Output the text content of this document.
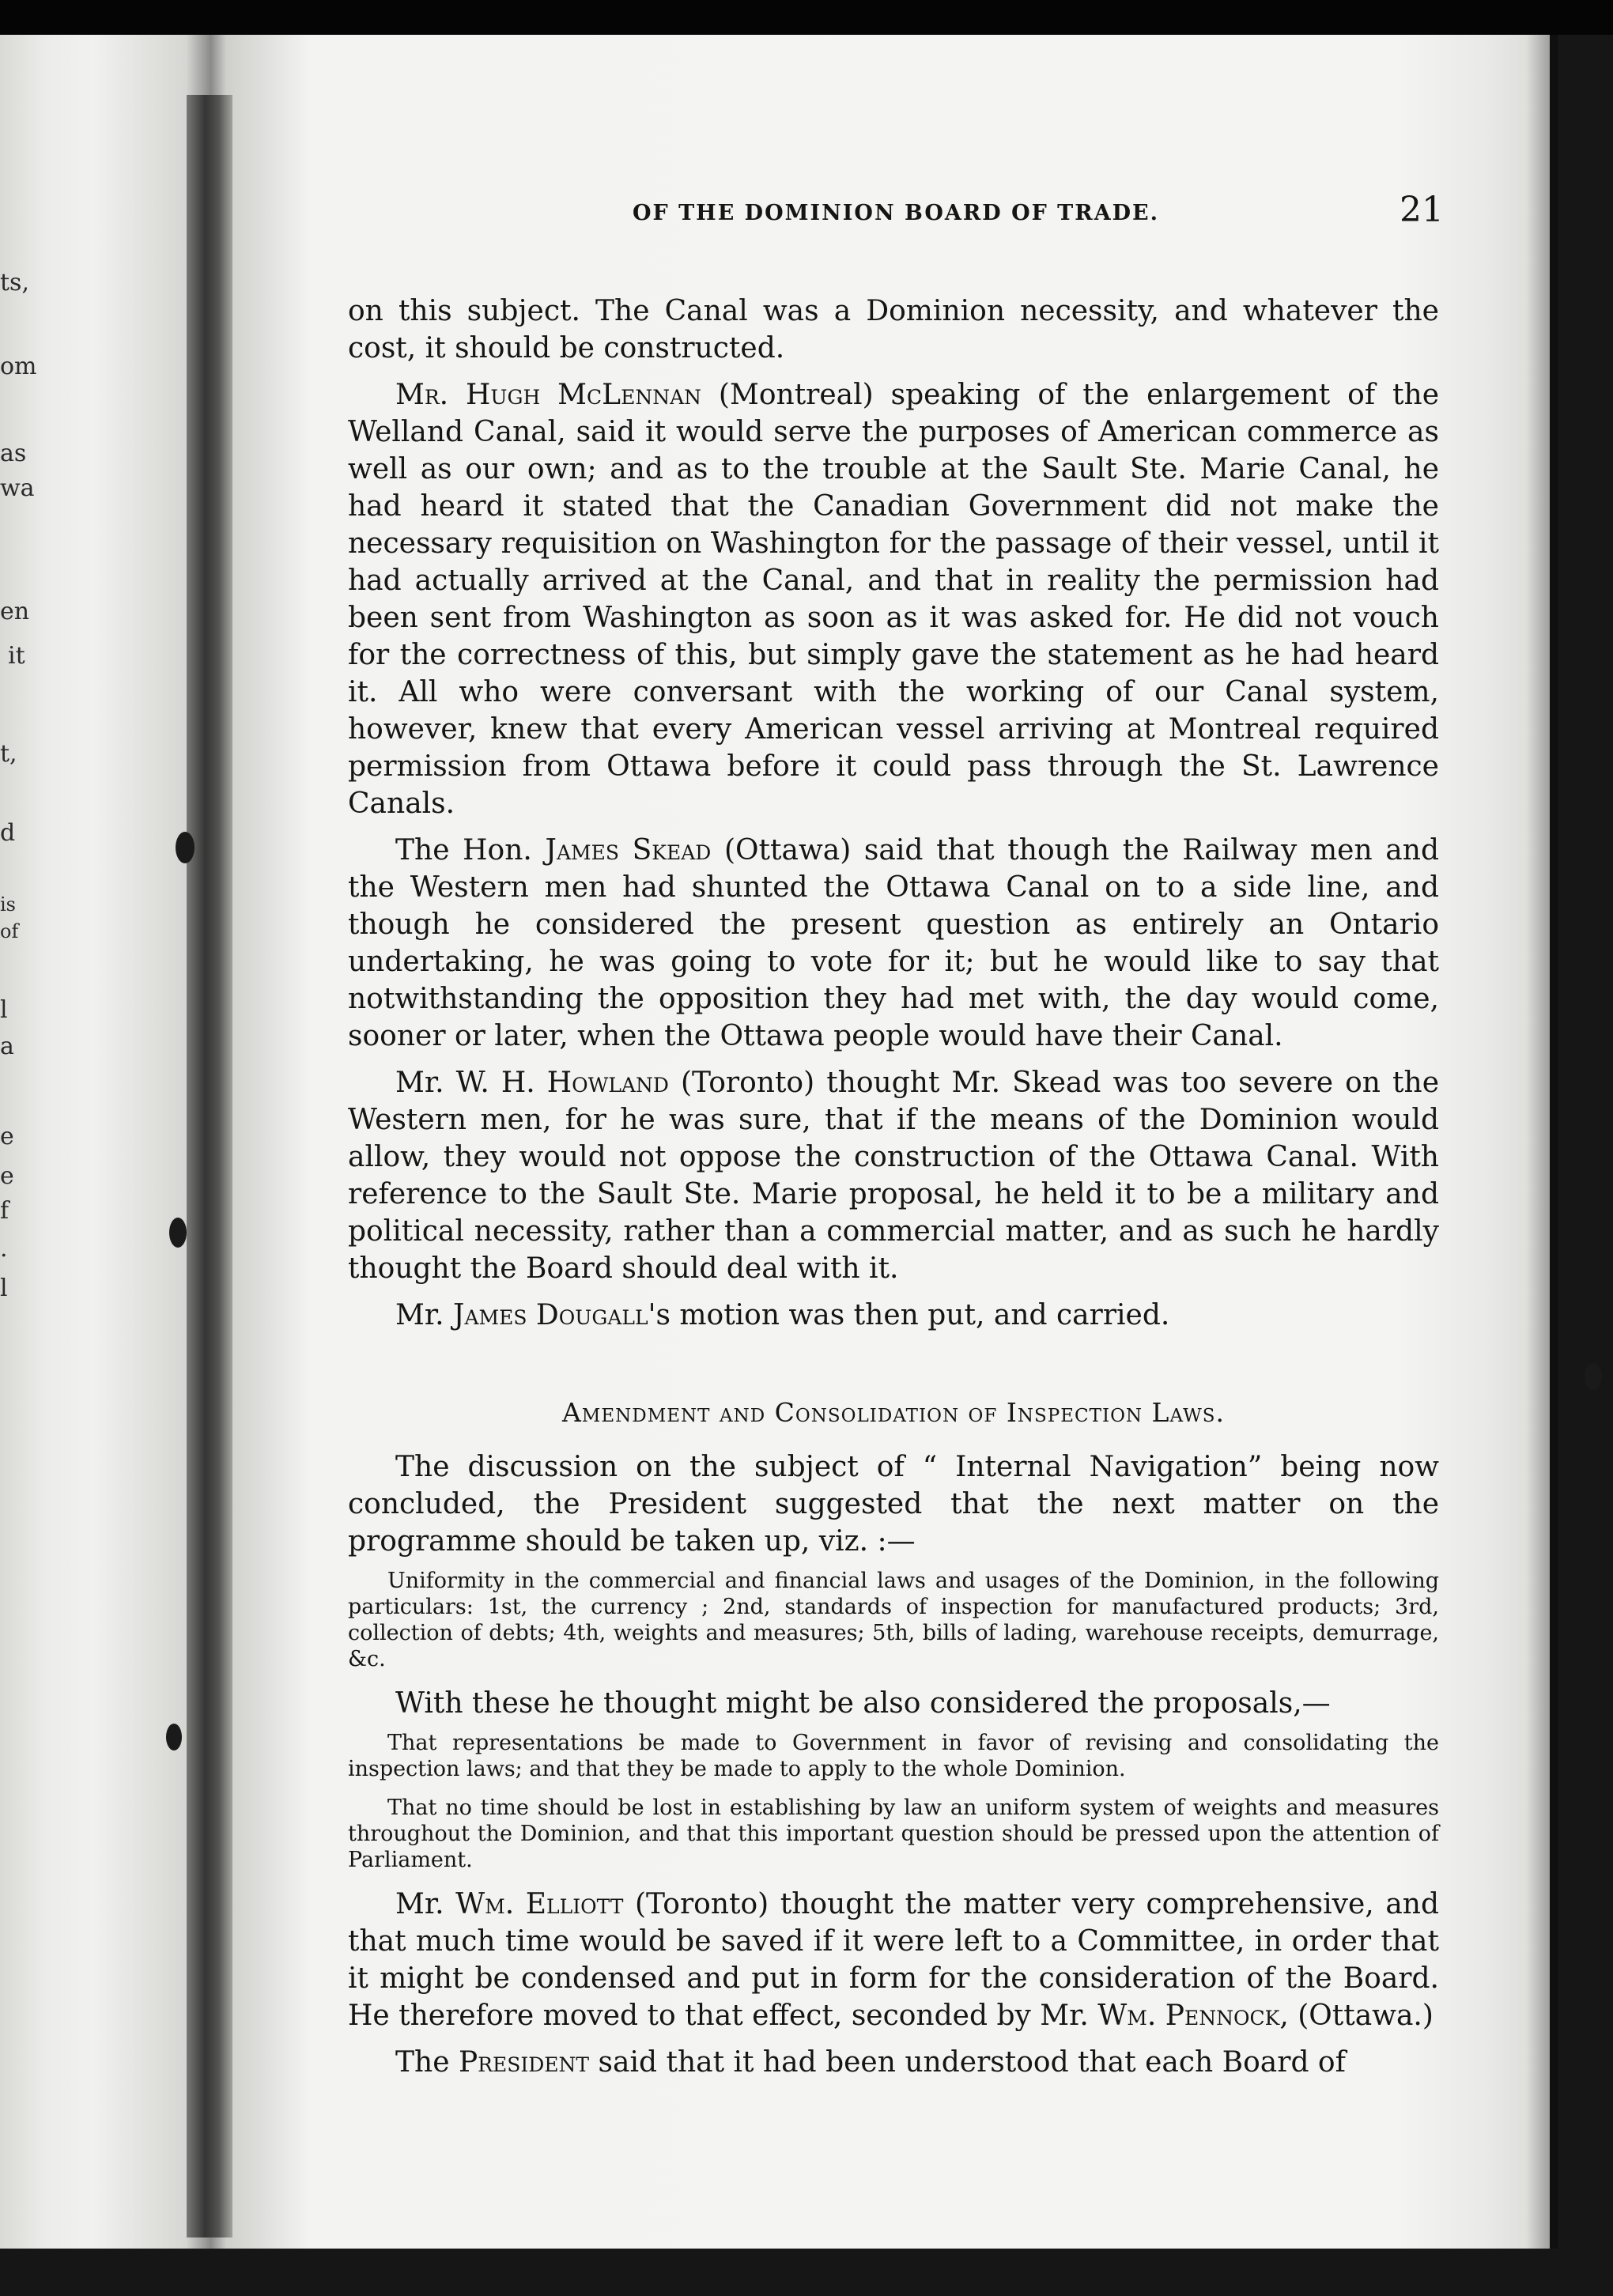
ts,
om
as
wa
en
it
t,
d
is
of
l
a
e
e
f
.
l
OF THE DOMINION BOARD OF TRADE.	21

on this subject. The Canal was a Dominion necessity, and whatever the cost, it should be constructed.

Mr. Hugh McLennan (Montreal) speaking of the enlargement of the Welland Canal, said it would serve the purposes of American commerce as well as our own; and as to the trouble at the Sault Ste. Marie Canal, he had heard it stated that the Canadian Government did not make the necessary requisition on Washington for the passage of their vessel, until it had actually arrived at the Canal, and that in reality the permission had been sent from Washington as soon as it was asked for. He did not vouch for the correctness of this, but simply gave the statement as he had heard it. All who were conversant with the working of our Canal system, however, knew that every American vessel arriving at Montreal required permission from Ottawa before it could pass through the St. Lawrence Canals.

The Hon. James Skead (Ottawa) said that though the Railway men and the Western men had shunted the Ottawa Canal on to a side line, and though he considered the present question as entirely an Ontario undertaking, he was going to vote for it; but he would like to say that notwithstanding the opposition they had met with, the day would come, sooner or later, when the Ottawa people would have their Canal.

Mr. W. H. Howland (Toronto) thought Mr. Skead was too severe on the Western men, for he was sure, that if the means of the Dominion would allow, they would not oppose the construction of the Ottawa Canal. With reference to the Sault Ste. Marie proposal, he held it to be a military and political necessity, rather than a commercial matter, and as such he hardly thought the Board should deal with it.

Mr. James Dougall's motion was then put, and carried.

Amendment and Consolidation of Inspection Laws.

The discussion on the subject of “ Internal Navigation” being now concluded, the President suggested that the next matter on the programme should be taken up, viz. :—

Uniformity in the commercial and financial laws and usages of the Dominion, in the following particulars: 1st, the currency ; 2nd, standards of inspection for manufactured products; 3rd, collection of debts; 4th, weights and measures; 5th, bills of lading, warehouse receipts, demurrage, &c.

With these he thought might be also considered the proposals,—

That representations be made to Government in favor of revising and consolidating the inspection laws; and that they be made to apply to the whole Dominion.
That no time should be lost in establishing by law an uniform system of weights and measures throughout the Dominion, and that this important question should be pressed upon the attention of Parliament.

Mr. Wm. Elliott (Toronto) thought the matter very comprehensive, and that much time would be saved if it were left to a Committee, in order that it might be condensed and put in form for the consideration of the Board. He therefore moved to that effect, seconded by Mr. Wm. Pennock, (Ottawa.)

The President said that it had been understood that each Board of
